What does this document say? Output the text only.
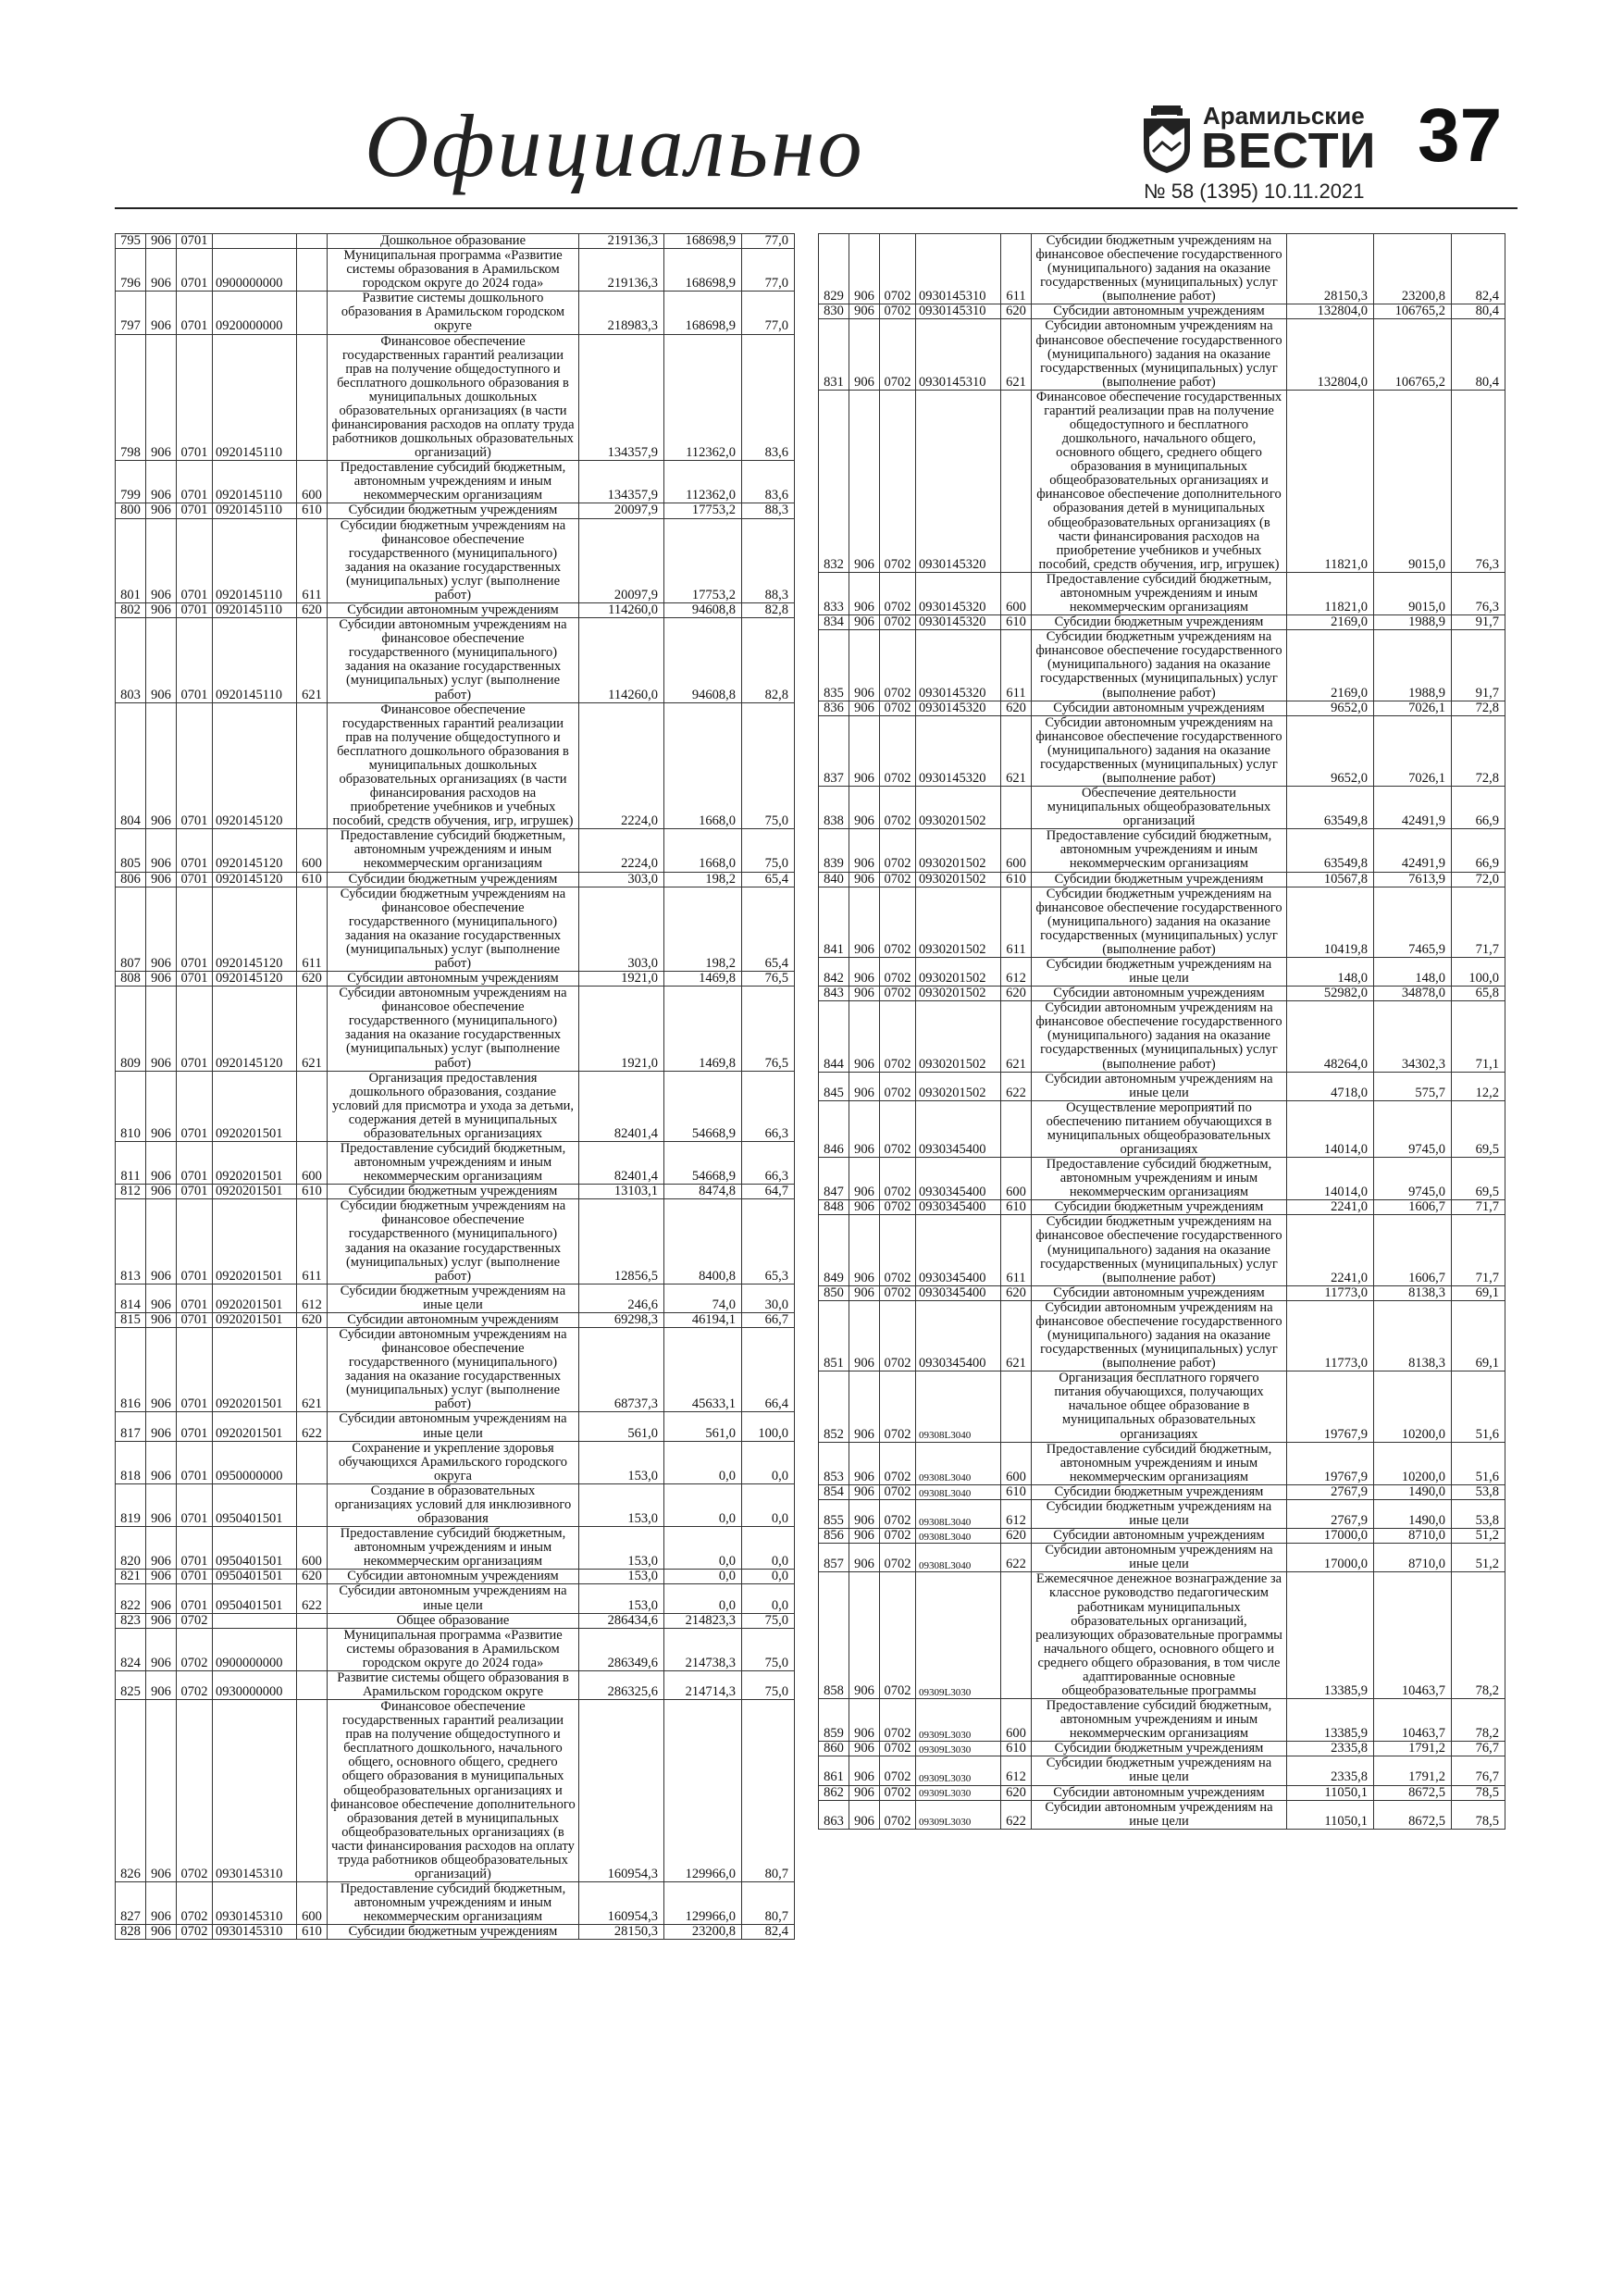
Официально	Арамильские
ВЕСТИ
№ 58 (1395) 10.11.2021
37
795	906	0701			Дошкольное образование	219136,3	168698,9	77,0
796	906	0701	0900000000		Муниципальная программа «Развитие системы образования в Арамильском городском округе до 2024 года»	219136,3	168698,9	77,0
797	906	0701	0920000000		Развитие системы дошкольного образования в Арамильском городском округе	218983,3	168698,9	77,0
798	906	0701	0920145110		Финансовое обеспечение государственных гарантий реализации прав на получение общедоступного и бесплатного дошкольного образования в муниципальных дошкольных образовательных организациях (в части финансирования расходов на оплату труда работников дошкольных образовательных организаций)	134357,9	112362,0	83,6
799	906	0701	0920145110	600	Предоставление субсидий бюджетным, автономным учреждениям и иным некоммерческим организациям	134357,9	112362,0	83,6
800	906	0701	0920145110	610	Субсидии бюджетным учреждениям	20097,9	17753,2	88,3
801	906	0701	0920145110	611	Субсидии бюджетным учреждениям на финансовое обеспечение государственного (муниципального) задания на оказание государственных (муниципальных) услуг (выполнение работ)	20097,9	17753,2	88,3
802	906	0701	0920145110	620	Субсидии автономным учреждениям	114260,0	94608,8	82,8
803	906	0701	0920145110	621	Субсидии автономным учреждениям на финансовое обеспечение государственного (муниципального) задания на оказание государственных (муниципальных) услуг (выполнение работ)	114260,0	94608,8	82,8
804	906	0701	0920145120		Финансовое обеспечение государственных гарантий реализации прав на получение общедоступного и бесплатного дошкольного образования в муниципальных дошкольных образовательных организациях (в части финансирования расходов на приобретение учебников и учебных пособий, средств обучения, игр, игрушек)	2224,0	1668,0	75,0
805	906	0701	0920145120	600	Предоставление субсидий бюджетным, автономным учреждениям и иным некоммерческим организациям	2224,0	1668,0	75,0
806	906	0701	0920145120	610	Субсидии бюджетным учреждениям	303,0	198,2	65,4
807	906	0701	0920145120	611	Субсидии бюджетным учреждениям на финансовое обеспечение государственного (муниципального) задания на оказание государственных (муниципальных) услуг (выполнение работ)	303,0	198,2	65,4
808	906	0701	0920145120	620	Субсидии автономным учреждениям	1921,0	1469,8	76,5
809	906	0701	0920145120	621	Субсидии автономным учреждениям на финансовое обеспечение государственного (муниципального) задания на оказание государственных (муниципальных) услуг (выполнение работ)	1921,0	1469,8	76,5
810	906	0701	0920201501		Организация предоставления дошкольного образования, создание условий для присмотра и ухода за детьми, содержания детей в муниципальных образовательных организациях	82401,4	54668,9	66,3
811	906	0701	0920201501	600	Предоставление субсидий бюджетным, автономным учреждениям и иным некоммерческим организациям	82401,4	54668,9	66,3
812	906	0701	0920201501	610	Субсидии бюджетным учреждениям	13103,1	8474,8	64,7
813	906	0701	0920201501	611	Субсидии бюджетным учреждениям на финансовое обеспечение государственного (муниципального) задания на оказание государственных (муниципальных) услуг (выполнение работ)	12856,5	8400,8	65,3
814	906	0701	0920201501	612	Субсидии бюджетным учреждениям на иные цели	246,6	74,0	30,0
815	906	0701	0920201501	620	Субсидии автономным учреждениям	69298,3	46194,1	66,7
816	906	0701	0920201501	621	Субсидии автономным учреждениям на финансовое обеспечение государственного (муниципального) задания на оказание государственных (муниципальных) услуг (выполнение работ)	68737,3	45633,1	66,4
817	906	0701	0920201501	622	Субсидии автономным учреждениям на иные цели	561,0	561,0	100,0
818	906	0701	0950000000		Сохранение и укрепление здоровья обучающихся Арамильского городского округа	153,0	0,0	0,0
819	906	0701	0950401501		Создание в образовательных организациях условий для инклюзивного образования	153,0	0,0	0,0
820	906	0701	0950401501	600	Предоставление субсидий бюджетным, автономным учреждениям и иным некоммерческим организациям	153,0	0,0	0,0
821	906	0701	0950401501	620	Субсидии автономным учреждениям	153,0	0,0	0,0
822	906	0701	0950401501	622	Субсидии автономным учреждениям на иные цели	153,0	0,0	0,0
823	906	0702			Общее образование	286434,6	214823,3	75,0
824	906	0702	0900000000		Муниципальная программа «Развитие системы образования в Арамильском городском округе до 2024 года»	286349,6	214738,3	75,0
825	906	0702	0930000000		Развитие системы общего образования в Арамильском городском округе	286325,6	214714,3	75,0
826	906	0702	0930145310		Финансовое обеспечение государственных гарантий реализации прав на получение общедоступного и бесплатного дошкольного, начального общего, основного общего, среднего общего образования в муниципальных общеобразовательных организациях и финансовое обеспечение дополнительного образования детей в муниципальных общеобразовательных организациях (в части финансирования расходов на оплату труда работников общеобразовательных организаций)	160954,3	129966,0	80,7
827	906	0702	0930145310	600	Предоставление субсидий бюджетным, автономным учреждениям и иным некоммерческим организациям	160954,3	129966,0	80,7
828	906	0702	0930145310	610	Субсидии бюджетным учреждениям	28150,3	23200,8	82,4
829	906	0702	0930145310	611	Субсидии бюджетным учреждениям на финансовое обеспечение государственного (муниципального) задания на оказание государственных (муниципальных) услуг (выполнение работ)	28150,3	23200,8	82,4
830	906	0702	0930145310	620	Субсидии автономным учреждениям	132804,0	106765,2	80,4
831	906	0702	0930145310	621	Субсидии автономным учреждениям на финансовое обеспечение государственного (муниципального) задания на оказание государственных (муниципальных) услуг (выполнение работ)	132804,0	106765,2	80,4
832	906	0702	0930145320		Финансовое обеспечение государственных гарантий реализации прав на получение общедоступного и бесплатного дошкольного, начального общего, основного общего, среднего общего образования в муниципальных общеобразовательных организациях и финансовое обеспечение дополнительного образования детей в муниципальных общеобразовательных организациях (в части финансирования расходов на приобретение учебников и учебных пособий, средств обучения, игр, игрушек)	11821,0	9015,0	76,3
833	906	0702	0930145320	600	Предоставление субсидий бюджетным, автономным учреждениям и иным некоммерческим организациям	11821,0	9015,0	76,3
834	906	0702	0930145320	610	Субсидии бюджетным учреждениям	2169,0	1988,9	91,7
835	906	0702	0930145320	611	Субсидии бюджетным учреждениям на финансовое обеспечение государственного (муниципального) задания на оказание государственных (муниципальных) услуг (выполнение работ)	2169,0	1988,9	91,7
836	906	0702	0930145320	620	Субсидии автономным учреждениям	9652,0	7026,1	72,8
837	906	0702	0930145320	621	Субсидии автономным учреждениям на финансовое обеспечение государственного (муниципального) задания на оказание государственных (муниципальных) услуг (выполнение работ)	9652,0	7026,1	72,8
838	906	0702	0930201502		Обеспечение деятельности муниципальных общеобразовательных организаций	63549,8	42491,9	66,9
839	906	0702	0930201502	600	Предоставление субсидий бюджетным, автономным учреждениям и иным некоммерческим организациям	63549,8	42491,9	66,9
840	906	0702	0930201502	610	Субсидии бюджетным учреждениям	10567,8	7613,9	72,0
841	906	0702	0930201502	611	Субсидии бюджетным учреждениям на финансовое обеспечение государственного (муниципального) задания на оказание государственных (муниципальных) услуг (выполнение работ)	10419,8	7465,9	71,7
842	906	0702	0930201502	612	Субсидии бюджетным учреждениям на иные цели	148,0	148,0	100,0
843	906	0702	0930201502	620	Субсидии автономным учреждениям	52982,0	34878,0	65,8
844	906	0702	0930201502	621	Субсидии автономным учреждениям на финансовое обеспечение государственного (муниципального) задания на оказание государственных (муниципальных) услуг (выполнение работ)	48264,0	34302,3	71,1
845	906	0702	0930201502	622	Субсидии автономным учреждениям на иные цели	4718,0	575,7	12,2
846	906	0702	0930345400		Осуществление мероприятий по обеспечению питанием обучающихся в муниципальных общеобразовательных организациях	14014,0	9745,0	69,5
847	906	0702	0930345400	600	Предоставление субсидий бюджетным, автономным учреждениям и иным некоммерческим организациям	14014,0	9745,0	69,5
848	906	0702	0930345400	610	Субсидии бюджетным учреждениям	2241,0	1606,7	71,7
849	906	0702	0930345400	611	Субсидии бюджетным учреждениям на финансовое обеспечение государственного (муниципального) задания на оказание государственных (муниципальных) услуг (выполнение работ)	2241,0	1606,7	71,7
850	906	0702	0930345400	620	Субсидии автономным учреждениям	11773,0	8138,3	69,1
851	906	0702	0930345400	621	Субсидии автономным учреждениям на финансовое обеспечение государственного (муниципального) задания на оказание государственных (муниципальных) услуг (выполнение работ)	11773,0	8138,3	69,1
852	906	0702	09308L3040		Организация бесплатного горячего питания обучающихся, получающих начальное общее образование в муниципальных образовательных организациях	19767,9	10200,0	51,6
853	906	0702	09308L3040	600	Предоставление субсидий бюджетным, автономным учреждениям и иным некоммерческим организациям	19767,9	10200,0	51,6
854	906	0702	09308L3040	610	Субсидии бюджетным учреждениям	2767,9	1490,0	53,8
855	906	0702	09308L3040	612	Субсидии бюджетным учреждениям на иные цели	2767,9	1490,0	53,8
856	906	0702	09308L3040	620	Субсидии автономным учреждениям	17000,0	8710,0	51,2
857	906	0702	09308L3040	622	Субсидии автономным учреждениям на иные цели	17000,0	8710,0	51,2
858	906	0702	09309L3030		Ежемесячное денежное вознаграждение за классное руководство педагогическим работникам муниципальных образовательных организаций, реализующих образовательные программы начального общего, основного общего и среднего общего образования, в том числе адаптированные основные общеобразовательные программы	13385,9	10463,7	78,2
859	906	0702	09309L3030	600	Предоставление субсидий бюджетным, автономным учреждениям и иным некоммерческим организациям	13385,9	10463,7	78,2
860	906	0702	09309L3030	610	Субсидии бюджетным учреждениям	2335,8	1791,2	76,7
861	906	0702	09309L3030	612	Субсидии бюджетным учреждениям на иные цели	2335,8	1791,2	76,7
862	906	0702	09309L3030	620	Субсидии автономным учреждениям	11050,1	8672,5	78,5
863	906	0702	09309L3030	622	Субсидии автономным учреждениям на иные цели	11050,1	8672,5	78,5
